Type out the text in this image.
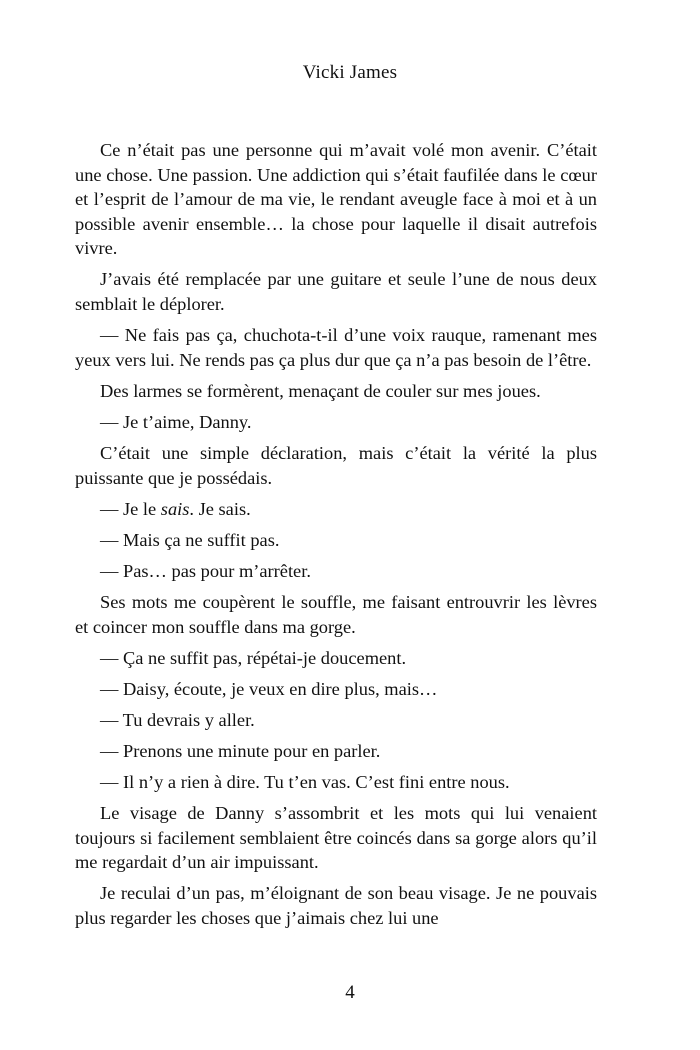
Vicki James

Ce n’était pas une personne qui m’avait volé mon avenir. C’était une chose. Une passion. Une addiction qui s’était faufilée dans le cœur et l’esprit de l’amour de ma vie, le rendant aveugle face à moi et à un possible avenir ensemble… la chose pour laquelle il disait autrefois vivre.

J’avais été remplacée par une guitare et seule l’une de nous deux semblait le déplorer.

— Ne fais pas ça, chuchota-t-il d’une voix rauque, ramenant mes yeux vers lui. Ne rends pas ça plus dur que ça n’a pas besoin de l’être.

Des larmes se formèrent, menaçant de couler sur mes joues.

— Je t’aime, Danny.

C’était une simple déclaration, mais c’était la vérité la plus puissante que je possédais.

— Je le sais. Je sais.

— Mais ça ne suffit pas.

— Pas… pas pour m’arrêter.

Ses mots me coupèrent le souffle, me faisant entrouvrir les lèvres et coincer mon souffle dans ma gorge.

— Ça ne suffit pas, répétai-je doucement.

— Daisy, écoute, je veux en dire plus, mais…

— Tu devrais y aller.

— Prenons une minute pour en parler.

— Il n’y a rien à dire. Tu t’en vas. C’est fini entre nous.

Le visage de Danny s’assombrit et les mots qui lui venaient toujours si facilement semblaient être coincés dans sa gorge alors qu’il me regardait d’un air impuissant.

Je reculai d’un pas, m’éloignant de son beau visage. Je ne pouvais plus regarder les choses que j’aimais chez lui une

4
